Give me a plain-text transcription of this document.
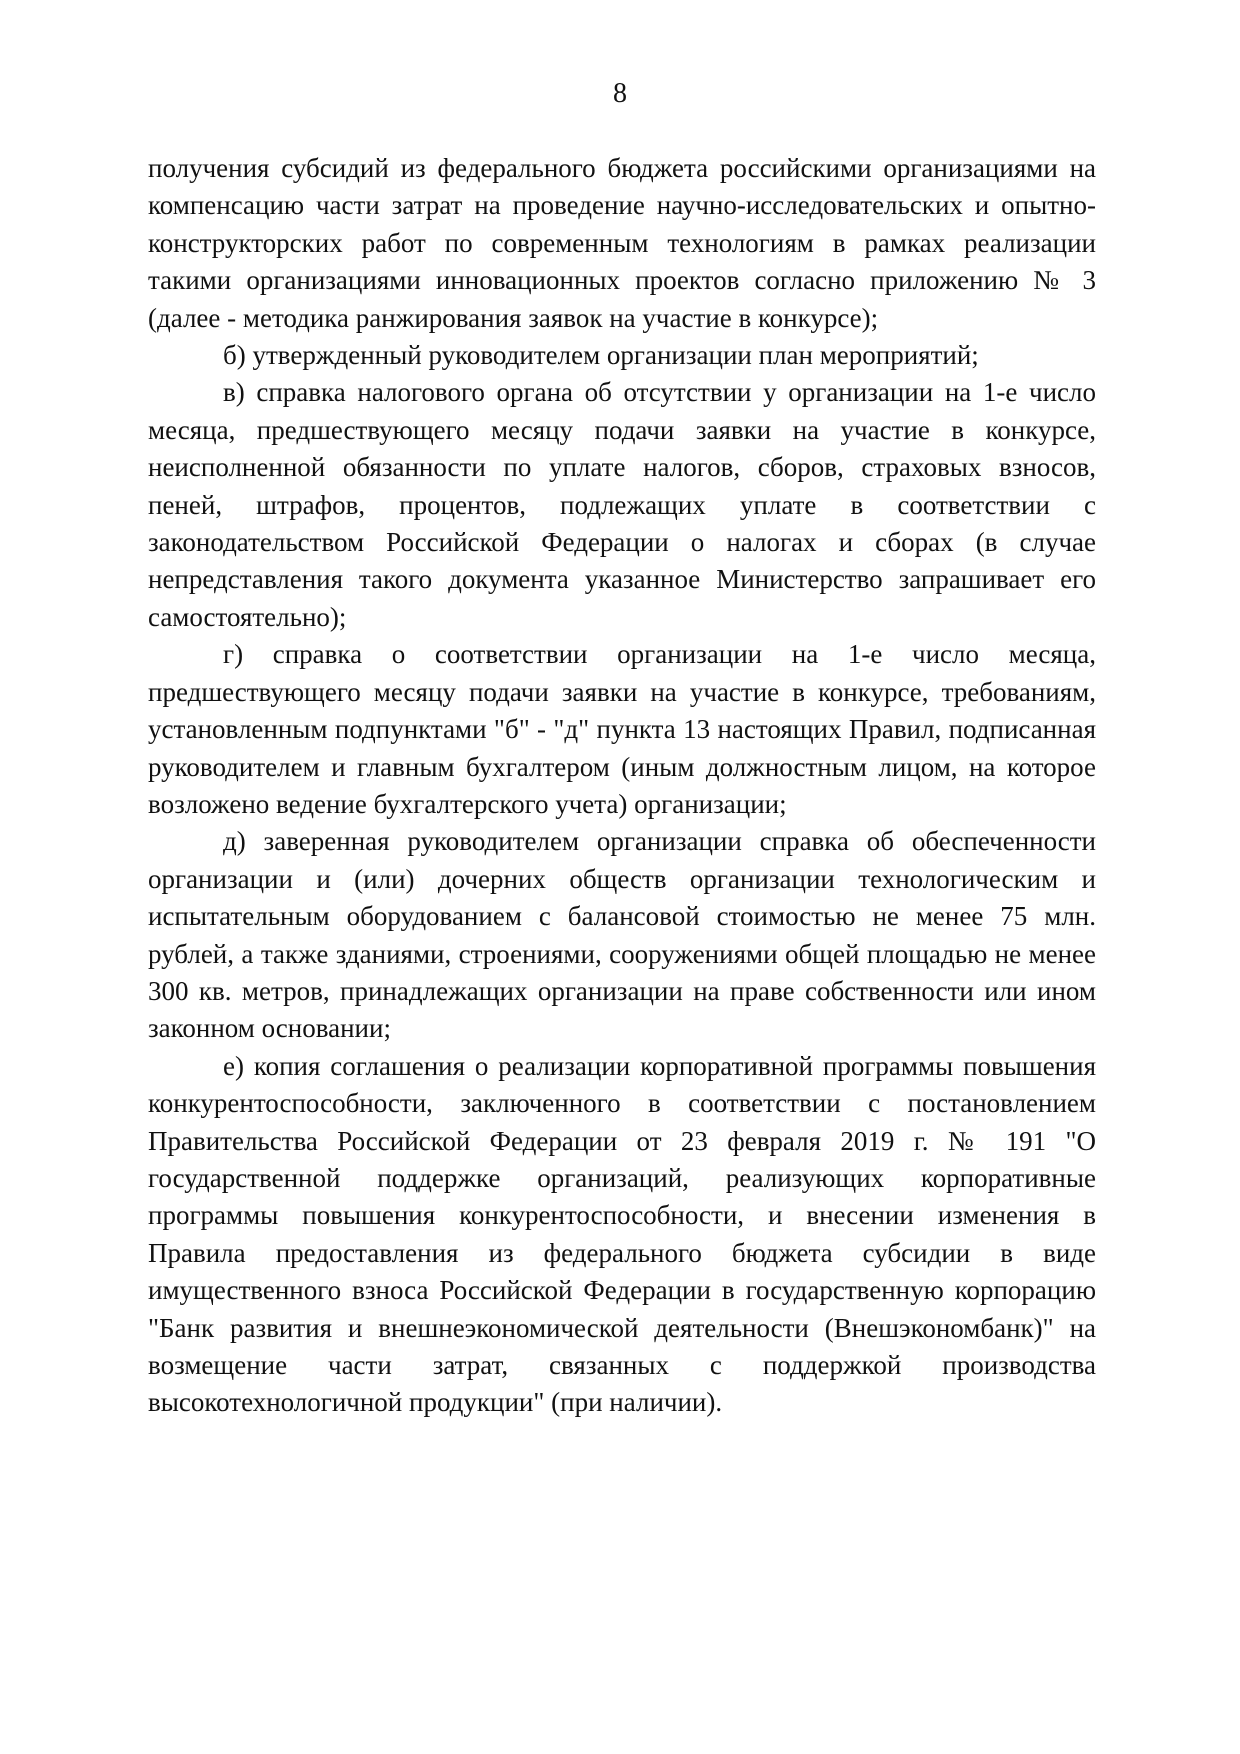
8

получения субсидий из федерального бюджета российскими организациями на компенсацию части затрат на проведение научно-исследовательских и опытно-конструкторских работ по современным технологиям в рамках реализации такими организациями инновационных проектов согласно приложению № 3 (далее - методика ранжирования заявок на участие в конкурсе);

б) утвержденный руководителем организации план мероприятий;

в) справка налогового органа об отсутствии у организации на 1-е число месяца, предшествующего месяцу подачи заявки на участие в конкурсе, неисполненной обязанности по уплате налогов, сборов, страховых взносов, пеней, штрафов, процентов, подлежащих уплате в соответствии с законодательством Российской Федерации о налогах и сборах (в случае непредставления такого документа указанное Министерство запрашивает его самостоятельно);

г) справка о соответствии организации на 1-е число месяца, предшествующего месяцу подачи заявки на участие в конкурсе, требованиям, установленным подпунктами "б" - "д" пункта 13 настоящих Правил, подписанная руководителем и главным бухгалтером (иным должностным лицом, на которое возложено ведение бухгалтерского учета) организации;

д) заверенная руководителем организации справка об обеспеченности организации и (или) дочерних обществ организации технологическим и испытательным оборудованием с балансовой стоимостью не менее 75 млн. рублей, а также зданиями, строениями, сооружениями общей площадью не менее 300 кв. метров, принадлежащих организации на праве собственности или ином законном основании;

е) копия соглашения о реализации корпоративной программы повышения конкурентоспособности, заключенного в соответствии с постановлением Правительства Российской Федерации от 23 февраля 2019 г. № 191 "О государственной поддержке организаций, реализующих корпоративные программы повышения конкурентоспособности, и внесении изменения в Правила предоставления из федерального бюджета субсидии в виде имущественного взноса Российской Федерации в государственную корпорацию "Банк развития и внешнеэкономической деятельности (Внешэкономбанк)" на возмещение части затрат, связанных с поддержкой производства высокотехнологичной продукции" (при наличии).
